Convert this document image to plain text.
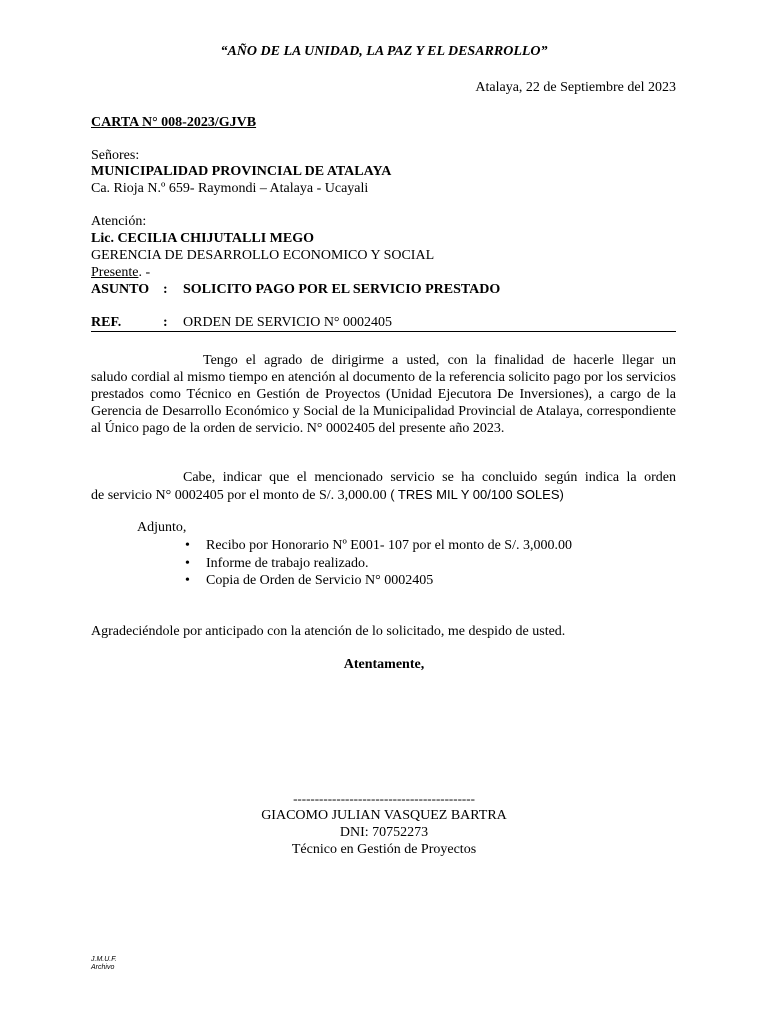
“AÑO DE LA UNIDAD, LA PAZ Y EL DESARROLLO”
Atalaya, 22 de Septiembre del 2023
CARTA N° 008-2023/GJVB
Señores:
MUNICIPALIDAD PROVINCIAL DE ATALAYA
Ca. Rioja N.º 659- Raymondi – Atalaya - Ucayali
Atención:
Lic. CECILIA CHIJUTALLI MEGO
GERENCIA DE DESARROLLO ECONOMICO Y SOCIAL
Presente. -
ASUNTO : SOLICITO PAGO POR EL SERVICIO PRESTADO
REF.	: ORDEN DE SERVICIO N° 0002405
Tengo el agrado de dirigirme a usted, con la finalidad de hacerle llegar un
saludo cordial al mismo tiempo en atención al documento de la referencia solicito pago por los servicios prestados como Técnico en Gestión de Proyectos (Unidad Ejecutora De Inversiones), a cargo de la Gerencia de Desarrollo Económico y Social de la Municipalidad Provincial de Atalaya, correspondiente al Único pago de la orden de servicio. N° 0002405 del presente año 2023.
Cabe, indicar que el mencionado servicio se ha concluido según indica la orden
de servicio N° 0002405 por el monto de S/. 3,000.00 ( TRES MIL Y 00/100 SOLES)
Adjunto,
• Recibo por Honorario Nº E001- 107 por el monto de S/. 3,000.00
• Informe de trabajo realizado.
• Copia de Orden de Servicio N° 0002405
Agradeciéndole por anticipado con la atención de lo solicitado, me despido de usted.
Atentamente,
------------------------------------------
GIACOMO JULIAN VASQUEZ BARTRA
DNI: 70752273
Técnico en Gestión de Proyectos
J.M.U.F.
Archivo
